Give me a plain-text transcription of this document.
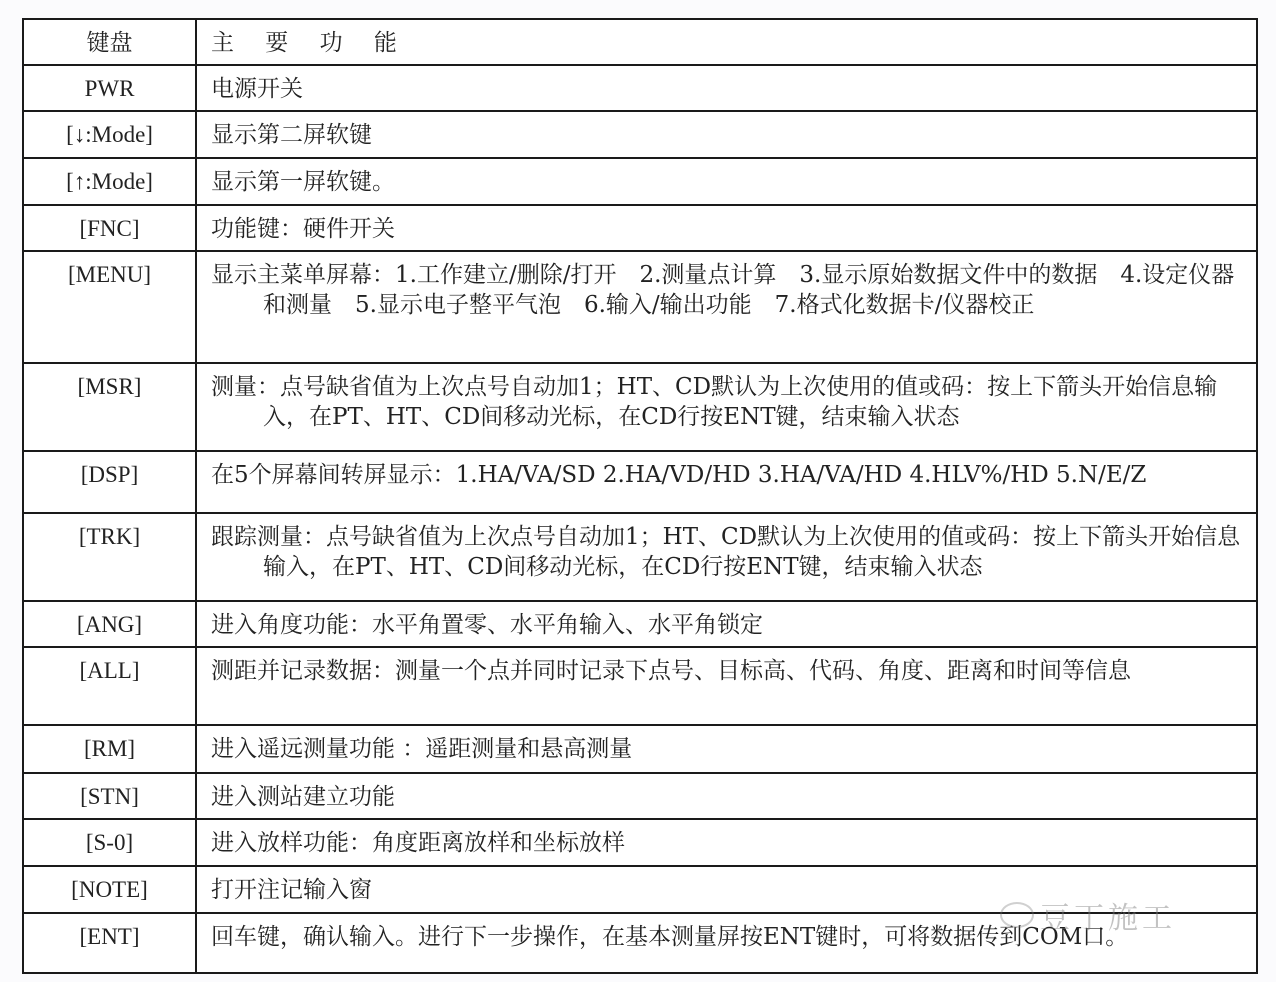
键盘	主 要 功 能
PWR	电源开关

[↓:Mode]	显示第二屏软键

[↑:Mode]	显示第一屏软键。

[FNC]	功能键：硬件开关

[MENU]	显示主菜单屏幕：1.工作建立/删除/打开　2.测量点计算　3.显示原始数据文件中的数据　4.设定仪器和测量　5.显示电子整平气泡　6.输入/输出功能　7.格式化数据卡/仪器校正

[MSR]	测量：点号缺省值为上次点号自动加1；HT、CD默认为上次使用的值或码：按上下箭头开始信息输入，在PT、HT、CD间移动光标，在CD行按ENT键，结束输入状态

[DSP]	在5个屏幕间转屏显示：1.HA/VA/SD 2.HA/VD/HD 3.HA/VA/HD 4.HLV%/HD 5.N/E/Z

[TRK]	跟踪测量：点号缺省值为上次点号自动加1；HT、CD默认为上次使用的值或码：按上下箭头开始信息输入，在PT、HT、CD间移动光标，在CD行按ENT键，结束输入状态

[ANG]	进入角度功能：水平角置零、水平角输入、水平角锁定

[ALL]	测距并记录数据：测量一个点并同时记录下点号、目标高、代码、角度、距离和时间等信息

[RM]	进入遥远测量功能 ：遥距测量和悬高测量

[STN]	进入测站建立功能

[S-0]	进入放样功能：角度距离放样和坐标放样

[NOTE]	打开注记输入窗

[ENT]	回车键，确认输入。进行下一步操作，在基本测量屏按ENT键时，可将数据传到COM口。
豆丁施工
